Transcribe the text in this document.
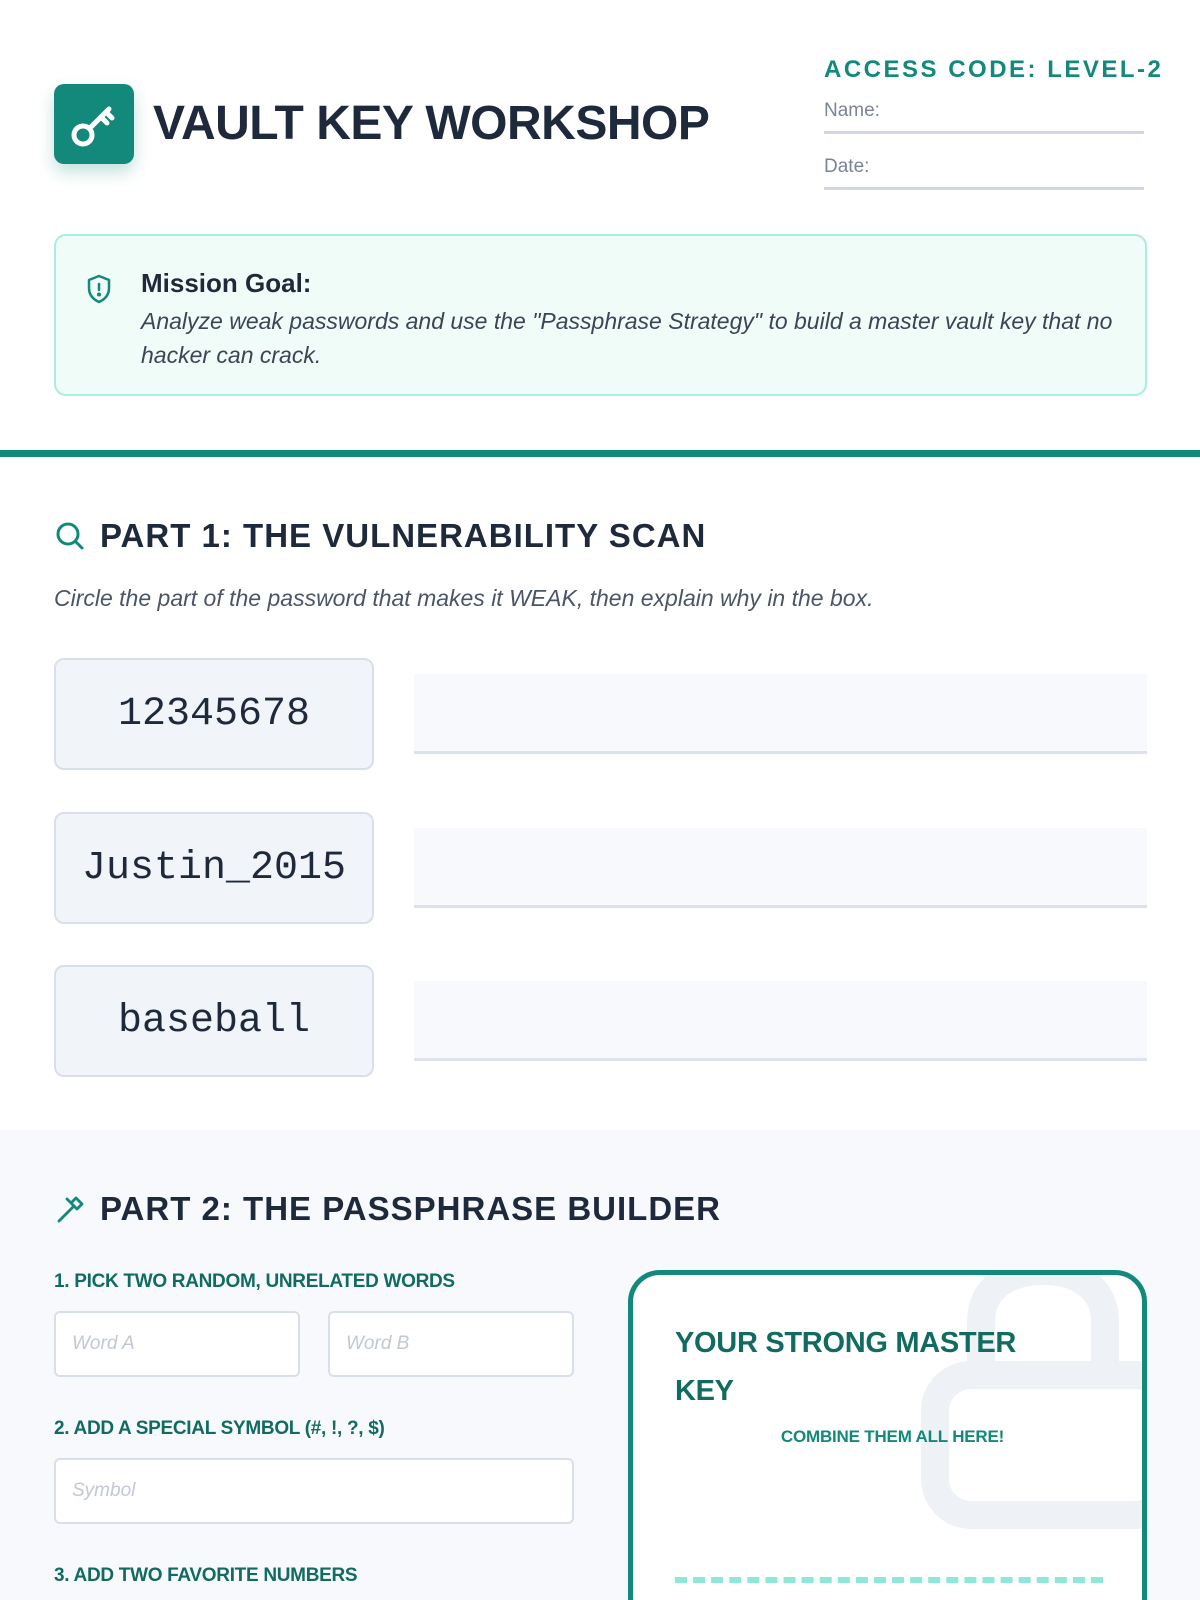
VAULT KEY WORKSHOP
ACCESS CODE: LEVEL-2
Name:
Date:
Mission Goal:
Analyze weak passwords and use the "Passphrase Strategy" to build a master vault key that no hacker can crack.
PART 1: THE VULNERABILITY SCAN
Circle the part of the password that makes it WEAK, then explain why in the box.
12345678
Justin_2015
baseball
PART 2: THE PASSPHRASE BUILDER
1. PICK TWO RANDOM, UNRELATED WORDS
Word A	Word B
2. ADD A SPECIAL SYMBOL (#, !, ?, $)
Symbol
3. ADD TWO FAVORITE NUMBERS
YOUR STRONG MASTER KEY
COMBINE THEM ALL HERE!
